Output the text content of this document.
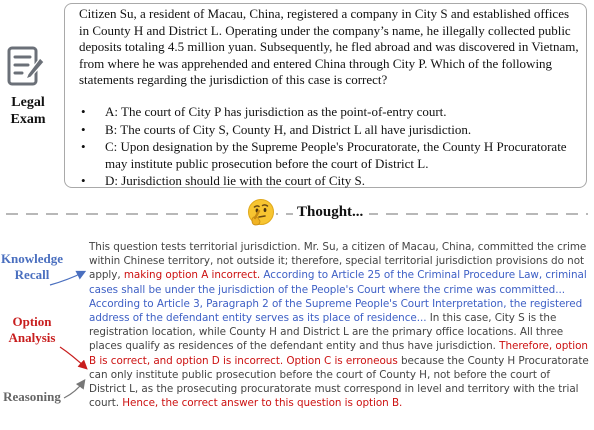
Legal
Exam

Citizen Su, a resident of Macau, China, registered a company in City S and established offices in County H and District L. Operating under the company’s name, he illegally collected public deposits totaling 4.5 million yuan. Subsequently, he fled abroad and was discovered in Vietnam, from where he was apprehended and entered China through City P. Which of the following statements regarding the jurisdiction of this case is correct?

• A: The court of City P has jurisdiction as the point-of-entry court.
• B: The courts of City S, County H, and District L all have jurisdiction.
• C: Upon designation by the Supreme People's Procuratorate, the County H Procuratorate may institute public prosecution before the court of District L.
• D: Jurisdiction should lie with the court of City S.
Thought...
Knowledge
Recall
Option
Analysis
Reasoning

This question tests territorial jurisdiction. Mr. Su, a citizen of Macau, China, committed the crime within Chinese territory, not outside it; therefore, special territorial jurisdiction provisions do not apply, making option A incorrect. According to Article 25 of the Criminal Procedure Law, criminal cases shall be under the jurisdiction of the People's Court where the crime was committed... According to Article 3, Paragraph 2 of the Supreme People's Court Interpretation, the registered address of the defendant entity serves as its place of residence... In this case, City S is the registration location, while County H and District L are the primary office locations. All three places qualify as residences of the defendant entity and thus have jurisdiction. Therefore, option B is correct, and option D is incorrect. Option C is erroneous because the County H Procuratorate can only institute public prosecution before the court of County H, not before the court of District L, as the prosecuting procuratorate must correspond in level and territory with the trial court. Hence, the correct answer to this question is option B.
